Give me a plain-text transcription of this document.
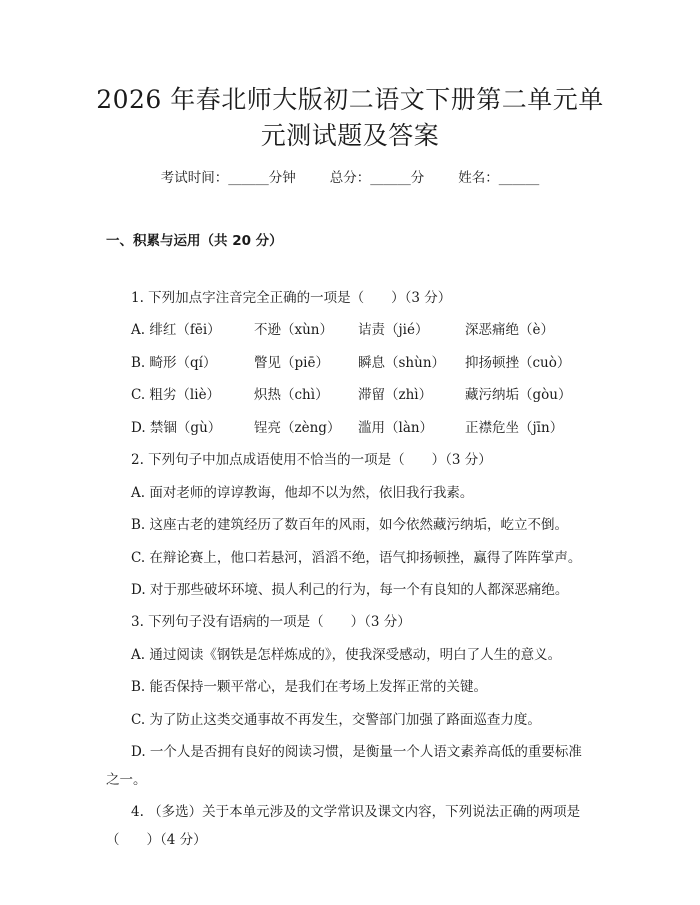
2026 年春北师大版初二语文下册第二单元单
元测试题及答案
考试时间：______分钟	总分：______分	姓名：______
一、积累与运用（共 20 分）
1. 下列加点字注音完全正确的一项是（　　）（3 分）
A. 绯红（fēi） 不逊（xùn） 诘责（jié）	深恶痛绝（è）
B. 畸形（qí）	瞥见（piē） 瞬息（shùn） 抑扬顿挫（cuò）
C. 粗劣（liè）	炽热（chì） 滞留（zhì） 藏污纳垢（gòu）
D. 禁锢（gù） 锃亮（zèng） 滥用（làn） 正襟危坐（jīn）
2. 下列句子中加点成语使用不恰当的一项是（　　）（3 分）
A. 面对老师的谆谆教诲，他却不以为然，依旧我行我素。
B. 这座古老的建筑经历了数百年的风雨，如今依然藏污纳垢，屹立不倒。
C. 在辩论赛上，他口若悬河，滔滔不绝，语气抑扬顿挫，赢得了阵阵掌声。
D. 对于那些破坏环境、损人利己的行为，每一个有良知的人都深恶痛绝。
3. 下列句子没有语病的一项是（　　）（3 分）
A. 通过阅读《钢铁是怎样炼成的》，使我深受感动，明白了人生的意义。
B. 能否保持一颗平常心，是我们在考场上发挥正常的关键。
C. 为了防止这类交通事故不再发生，交警部门加强了路面巡查力度。
D. 一个人是否拥有良好的阅读习惯，是衡量一个人语文素养高低的重要标准
之一。
4. （多选）关于本单元涉及的文学常识及课文内容，下列说法正确的两项是
（　　）（4 分）
